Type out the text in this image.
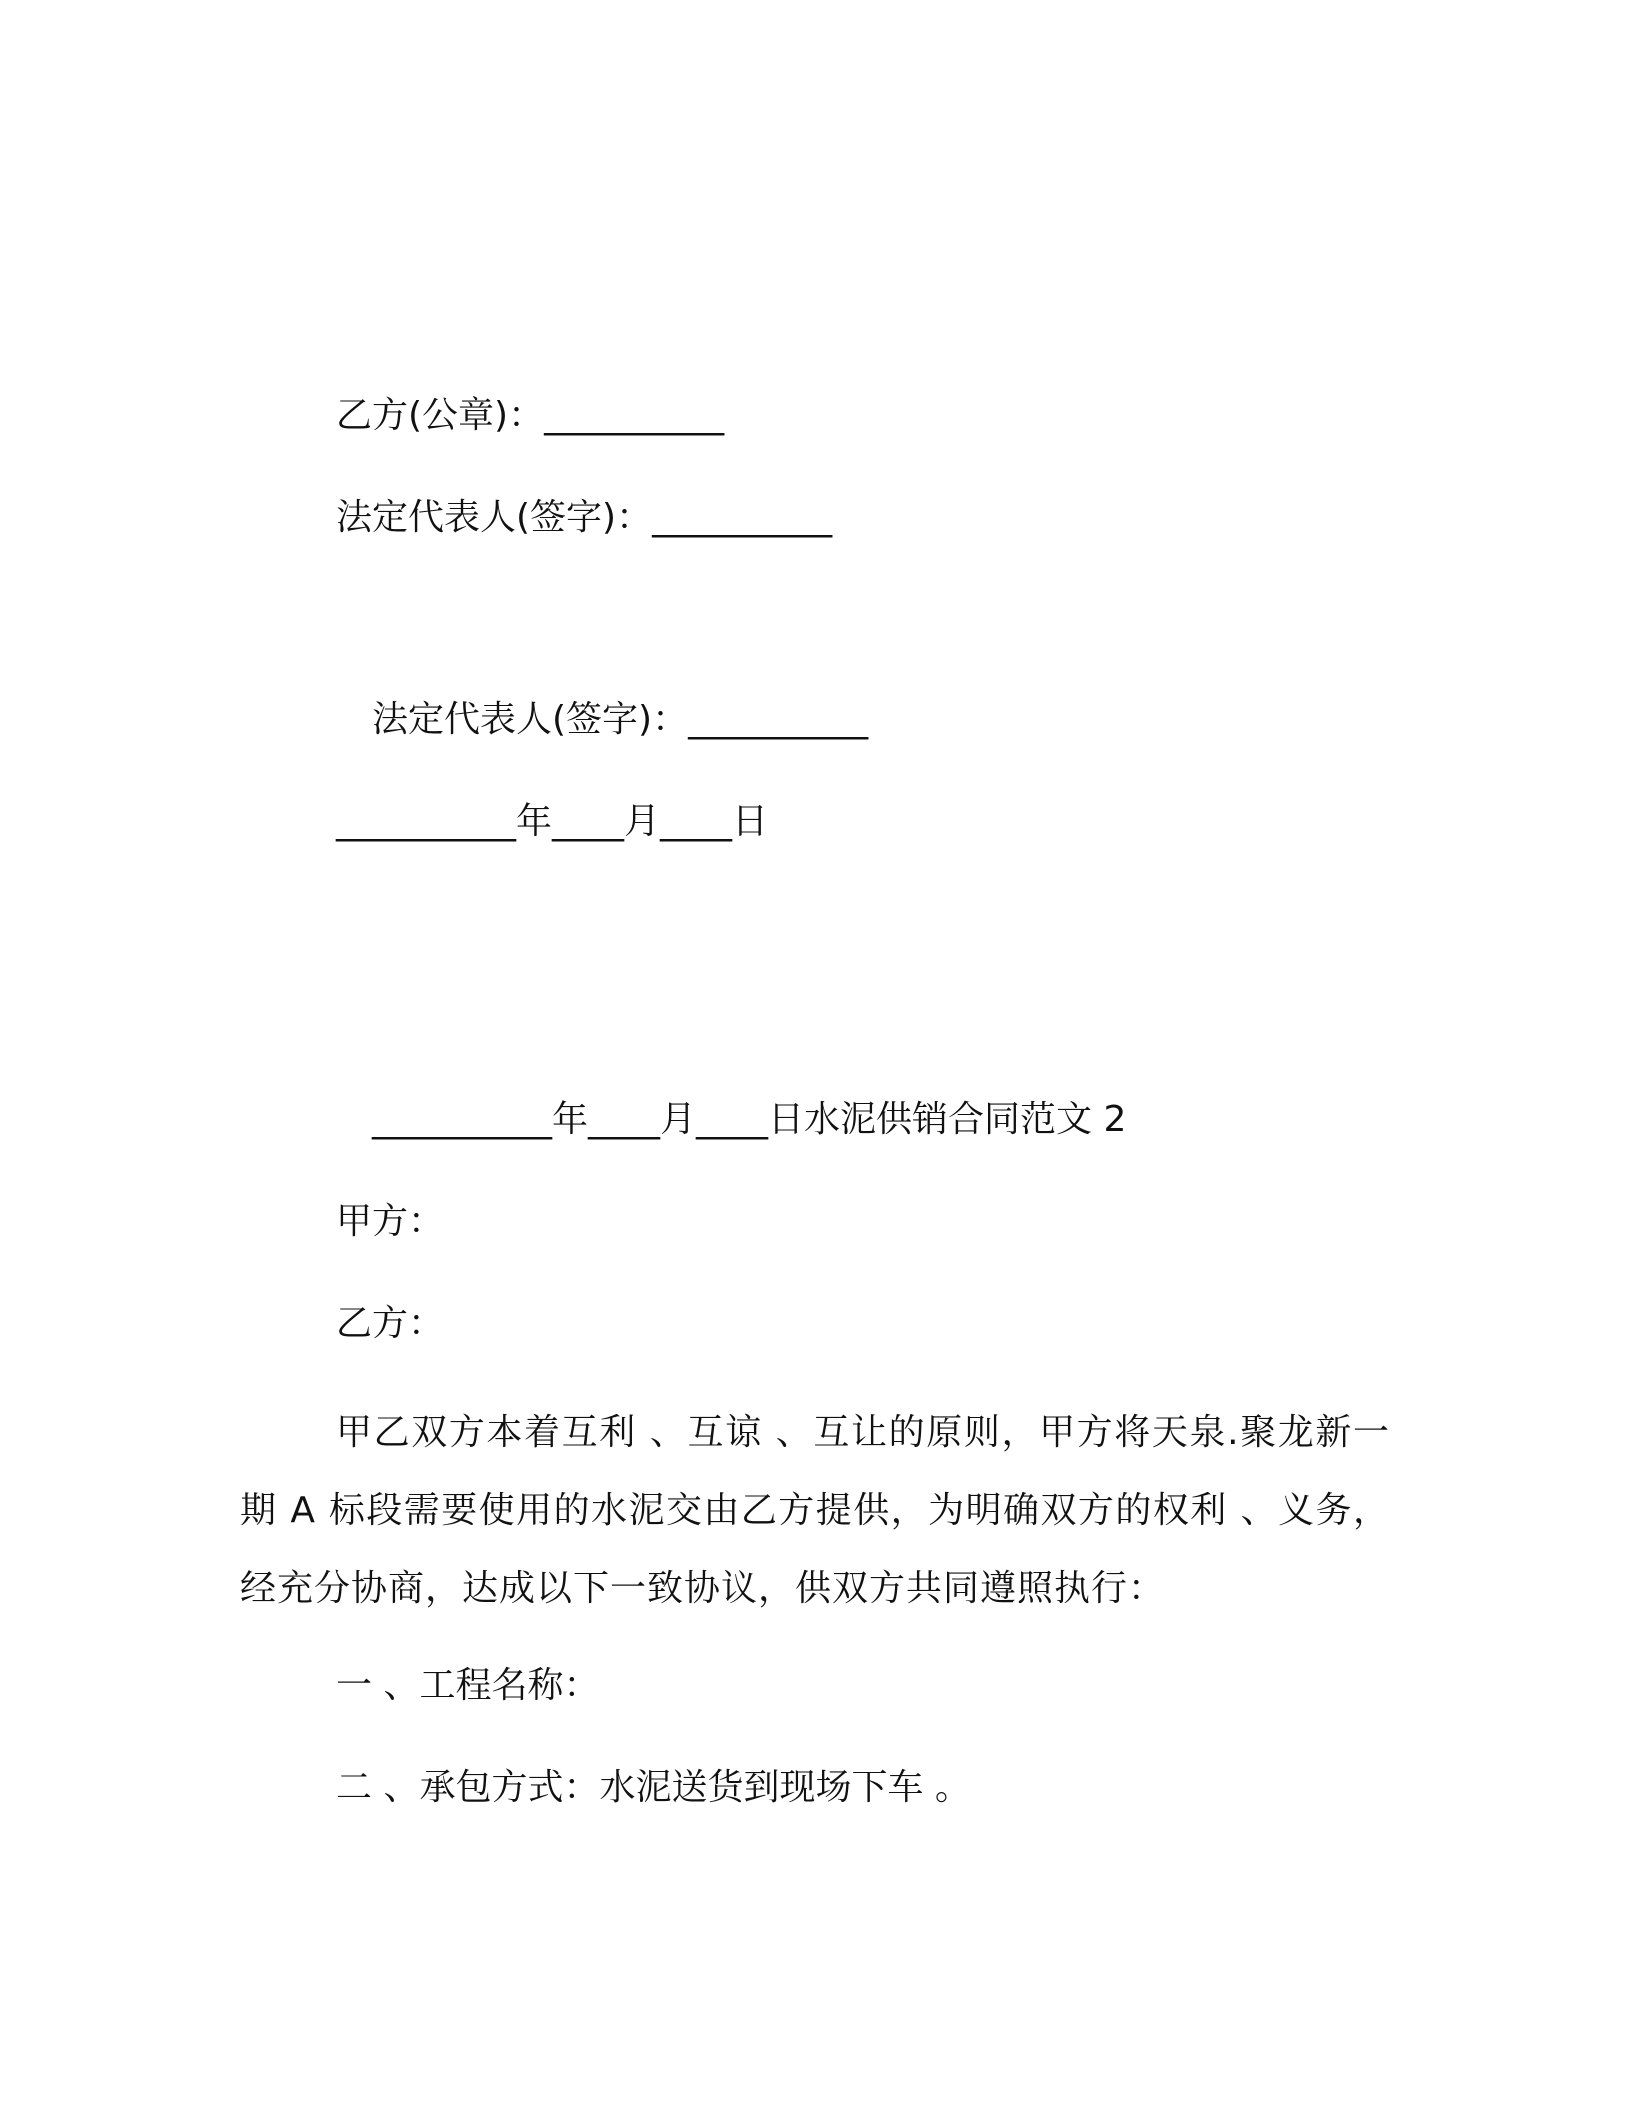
乙方(公章)：__________
法定代表人(签字)：__________
法定代表人(签字)：__________
__________年____月____日
__________年____月____日水泥供销合同范文 2
甲方：
乙方：
甲乙双方本着互利 、互谅 、互让的原则，甲方将天泉.聚龙新一期 A 标段需要使用的水泥交由乙方提供，为明确双方的权利 、义务，经充分协商，达成以下一致协议，供双方共同遵照执行：
一 、工程名称：
二 、承包方式：水泥送货到现场下车 。
